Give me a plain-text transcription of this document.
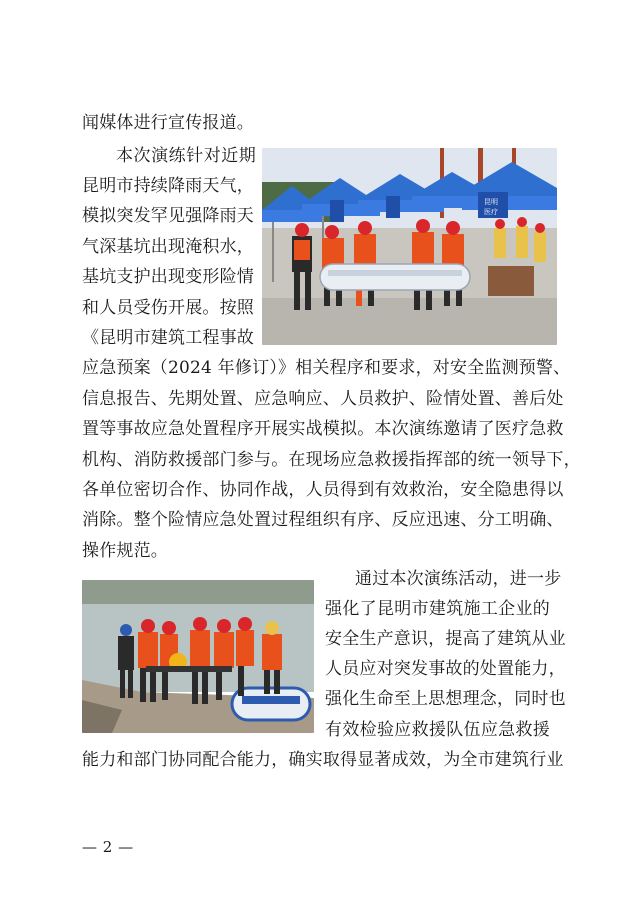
闻媒体进行宣传报道。
本次演练针对近期
昆明市持续降雨天气，
模拟突发罕见强降雨天
气深基坑出现淹积水，
基坑支护出现变形险情
和人员受伤开展。按照
《昆明市建筑工程事故
应急预案（2024 年修订）》相关程序和要求，对安全监测预警、
信息报告、先期处置、应急响应、人员救护、险情处置、善后处
置等事故应急处置程序开展实战模拟。本次演练邀请了医疗急救
机构、消防救援部门参与。在现场应急救援指挥部的统一领导下，
各单位密切合作、协同作战，人员得到有效救治，安全隐患得以
消除。整个险情应急处置过程组织有序、反应迅速、分工明确、
操作规范。
通过本次演练活动，进一步
强化了昆明市建筑施工企业的
安全生产意识，提高了建筑从业
人员应对突发事故的处置能力，
强化生命至上思想理念，同时也
有效检验应救援队伍应急救援
能力和部门协同配合能力，确实取得显著成效，为全市建筑行业
昆明
医疗
— 2 —
